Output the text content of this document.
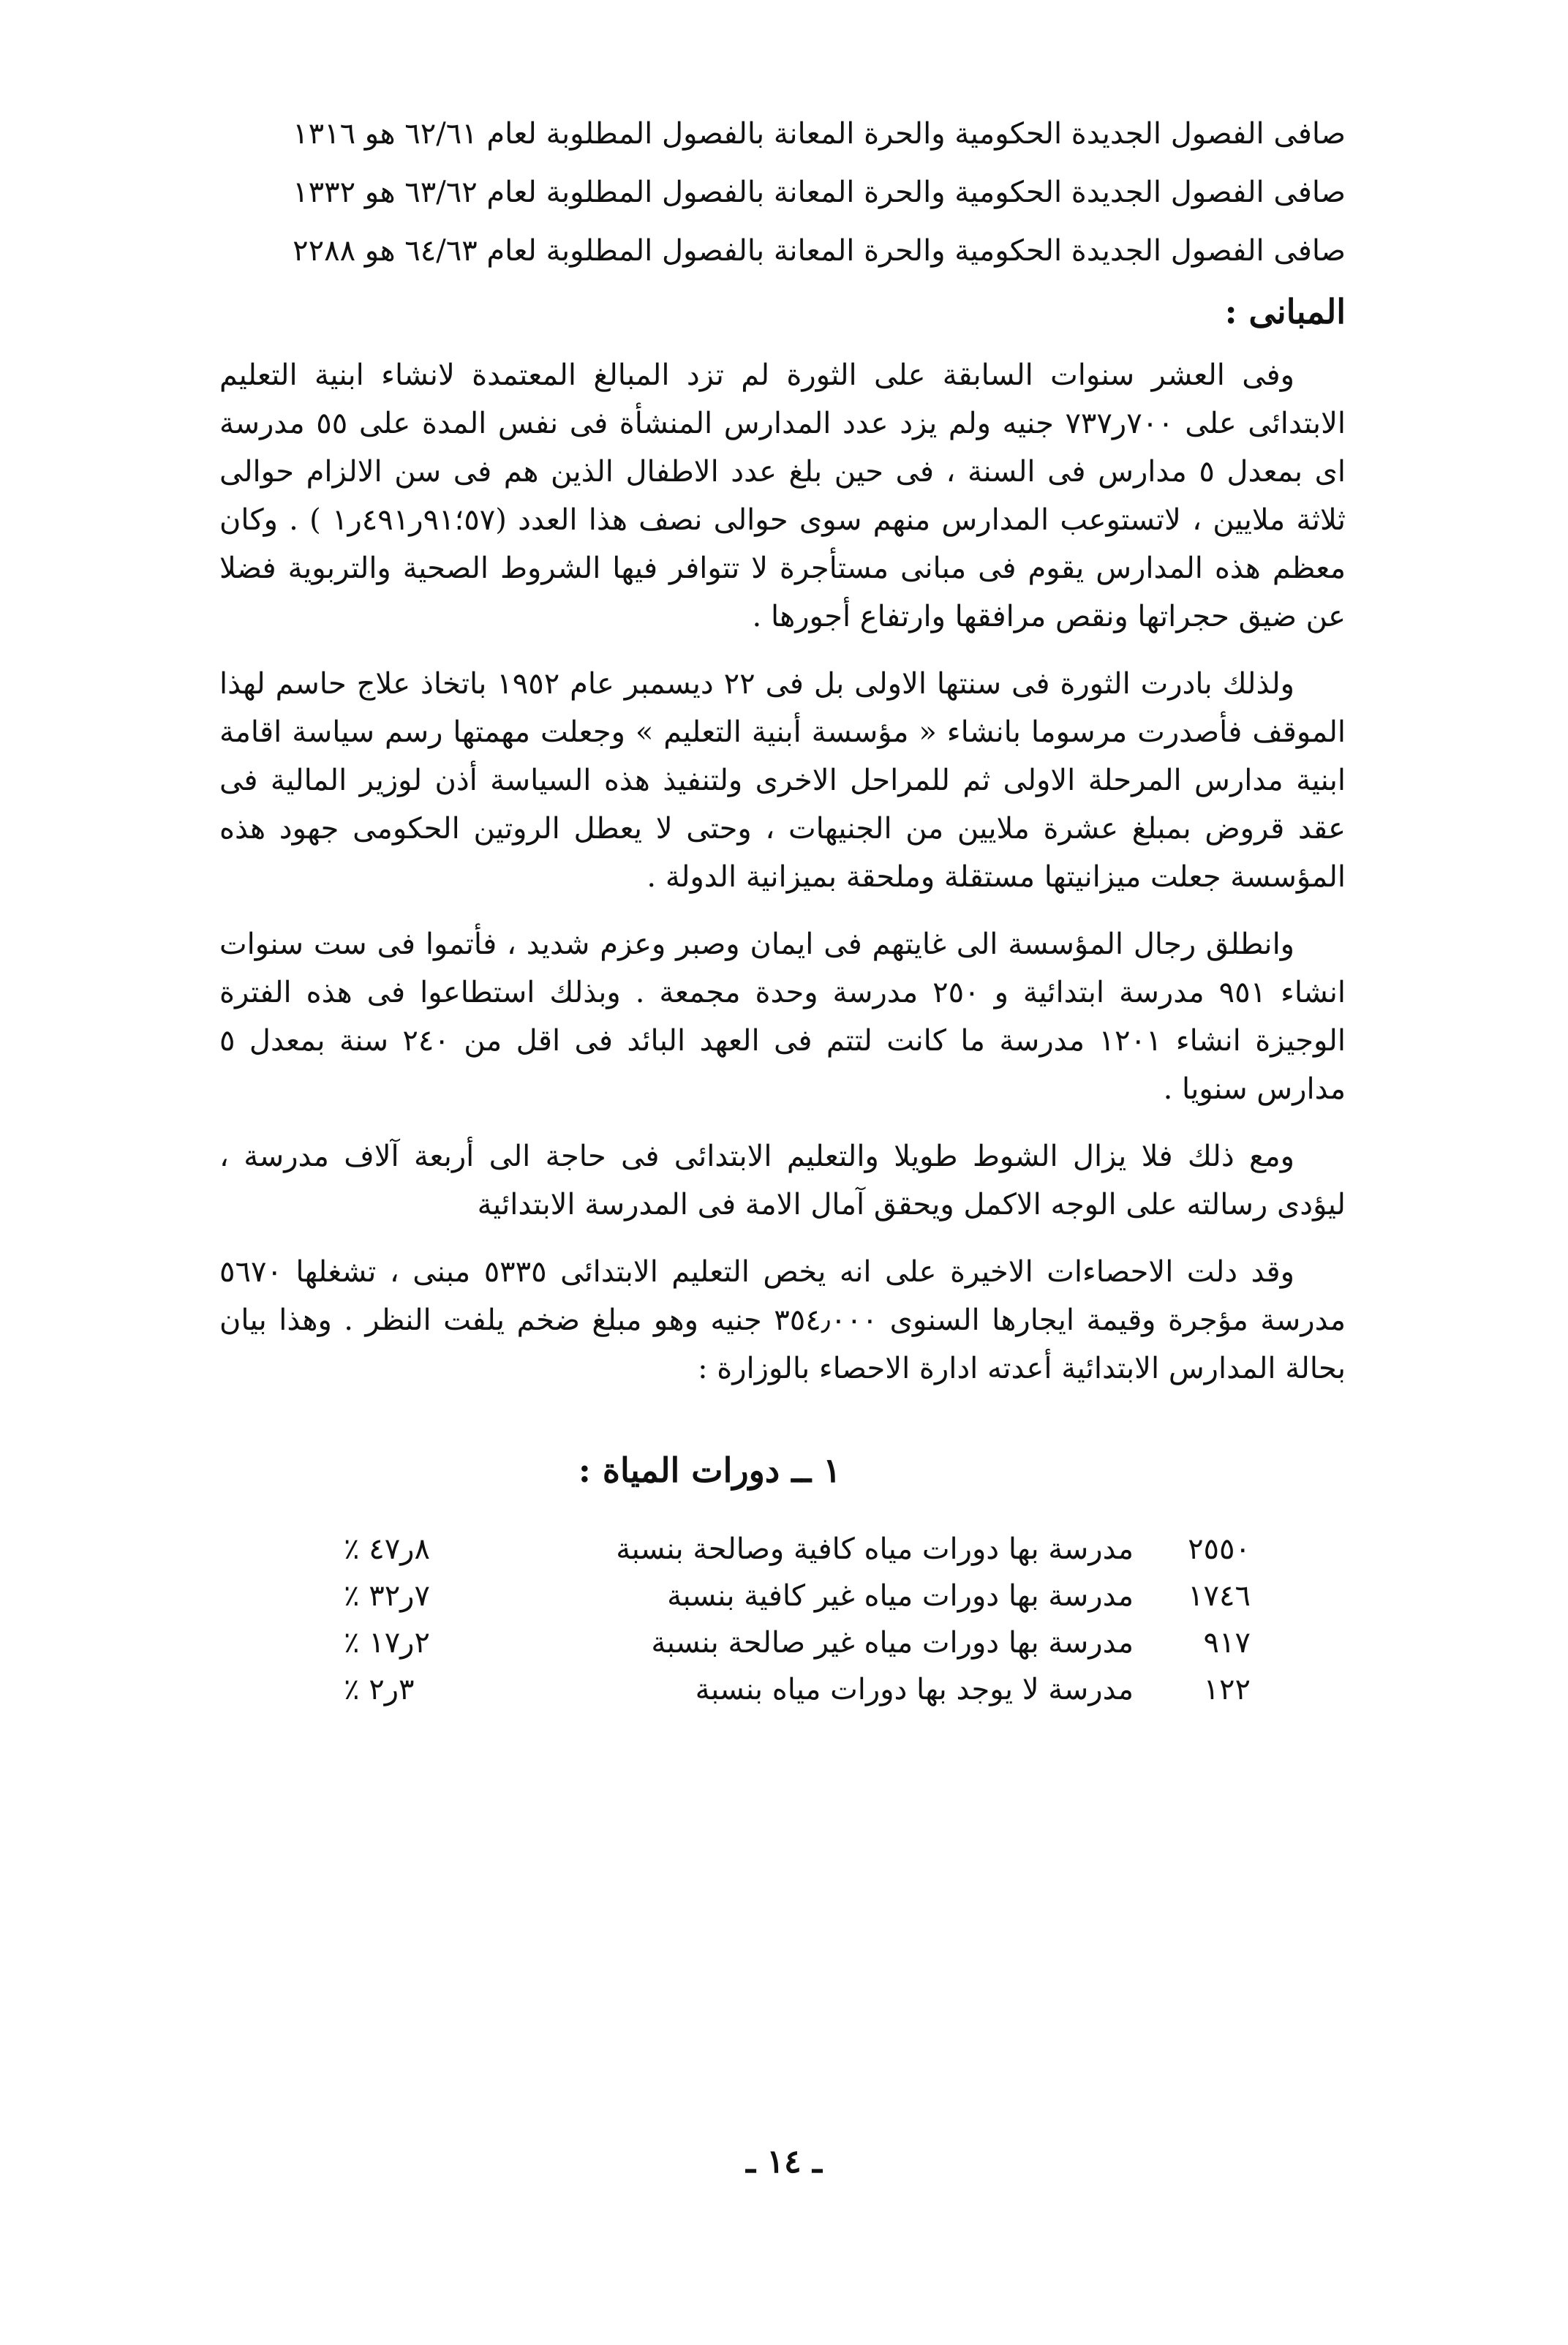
صافى الفصول الجديدة الحكومية والحرة المعانة بالفصول المطلوبة لعام ٦٢/٦١ هو ١٣١٦

صافى الفصول الجديدة الحكومية والحرة المعانة بالفصول المطلوبة لعام ٦٣/٦٢ هو ١٣٣٢

صافى الفصول الجديدة الحكومية والحرة المعانة بالفصول المطلوبة لعام ٦٤/٦٣ هو ٢٢٨٨

المبانى :

وفى العشر سنوات السابقة على الثورة لم تزد المبالغ المعتمدة لانشاء ابنية التعليم الابتدائى على ٧٠٠ر٧٣٧ جنيه ولم يزد عدد المدارس المنشأة فى نفس المدة على ٥٥ مدرسة اى بمعدل ٥ مدارس فى السنة ، فى حين بلغ عدد الاطفال الذين هم فى سن الالزام حوالى ثلاثة ملايين ، لاتستوعب المدارس منهم سوى حوالى نصف هذا العدد (٥٧؛٩١ر٤٩١ر١ ) . وكان معظم هذه المدارس يقوم فى مبانى مستأجرة لا تتوافر فيها الشروط الصحية والتربوية فضلا عن ضيق حجراتها ونقص مرافقها وارتفاع أجورها .

ولذلك بادرت الثورة فى سنتها الاولى بل فى ٢٢ ديسمبر عام ١٩٥٢ باتخاذ علاج حاسم لهذا الموقف فأصدرت مرسوما بانشاء « مؤسسة أبنية التعليم » وجعلت مهمتها رسم سياسة اقامة ابنية مدارس المرحلة الاولى ثم للمراحل الاخرى ولتنفيذ هذه السياسة أذن لوزير المالية فى عقد قروض بمبلغ عشرة ملايين من الجنيهات ، وحتى لا يعطل الروتين الحكومى جهود هذه المؤسسة جعلت ميزانيتها مستقلة وملحقة بميزانية الدولة .

وانطلق رجال المؤسسة الى غايتهم فى ايمان وصبر وعزم شديد ، فأتموا فى ست سنوات انشاء ٩٥١ مدرسة ابتدائية و ٢٥٠ مدرسة وحدة مجمعة . وبذلك استطاعوا فى هذه الفترة الوجيزة انشاء ١٢٠١ مدرسة ما كانت لتتم فى العهد البائد فى اقل من ٢٤٠ سنة بمعدل ٥ مدارس سنويا .

ومع ذلك فلا يزال الشوط طويلا والتعليم الابتدائى فى حاجة الى أربعة آلاف مدرسة ، ليؤدى رسالته على الوجه الاكمل ويحقق آمال الامة فى المدرسة الابتدائية

وقد دلت الاحصاءات الاخيرة على انه يخص التعليم الابتدائى ٥٣٣٥ مبنى ، تشغلها ٥٦٧٠ مدرسة مؤجرة وقيمة ايجارها السنوى ٣٥٤٫٠٠٠ جنيه وهو مبلغ ضخم يلفت النظر . وهذا بيان بحالة المدارس الابتدائية أعدته ادارة الاحصاء بالوزارة :

١ ــ دورات المياة :
٢٥٥٠
مدرسة بها دورات مياه كافية وصالحة بنسبة
٨ر٤٧ ٪
١٧٤٦
مدرسة بها دورات مياه غير كافية بنسبة
٧ر٣٢ ٪
٩١٧
مدرسة بها دورات مياه غير صالحة بنسبة
٢ر١٧ ٪
١٢٢
مدرسة لا يوجد بها دورات مياه بنسبة
٣ر٢ ٪
ـ ١٤ ـ
